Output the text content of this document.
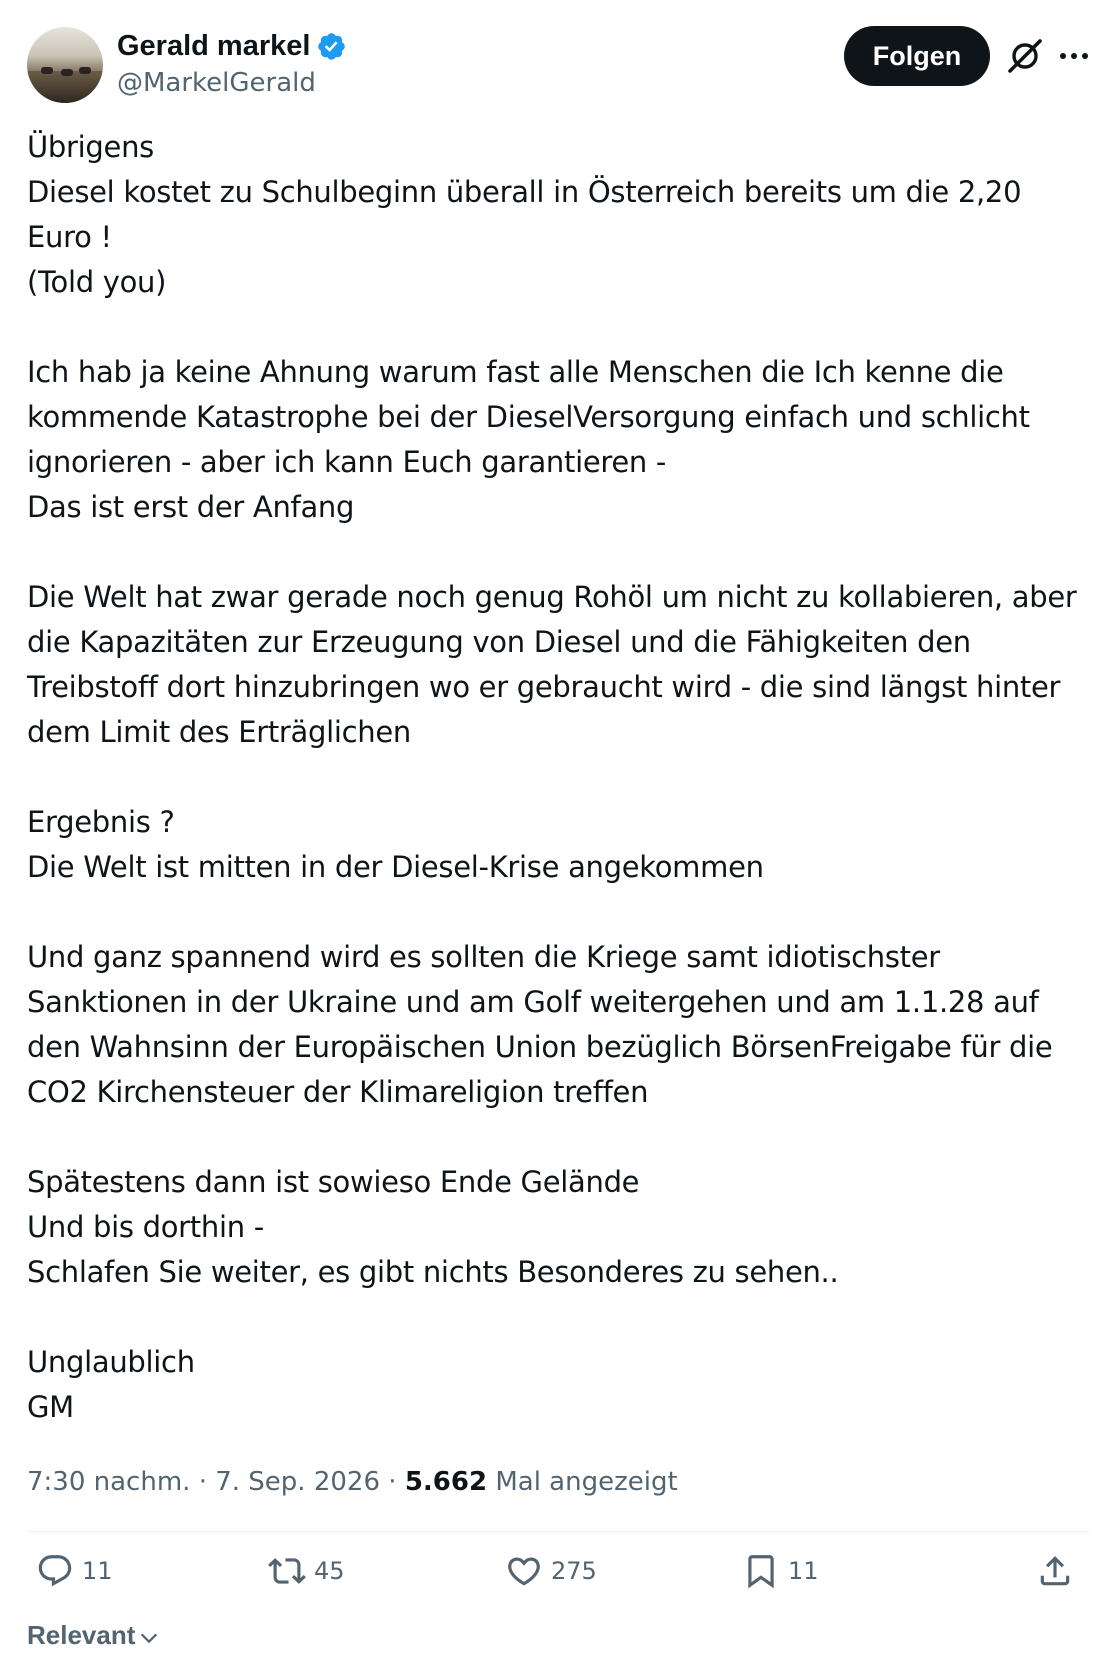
Gerald markel
@MarkelGerald
Folgen

Übrigens

Diesel kostet zu Schulbeginn überall in Österreich bereits um die 2,20

Euro !

(Told you)

Ich hab ja keine Ahnung warum fast alle Menschen die Ich kenne die

kommende Katastrophe bei der DieselVersorgung einfach und schlicht

ignorieren - aber ich kann Euch garantieren -

Das ist erst der Anfang

Die Welt hat zwar gerade noch genug Rohöl um nicht zu kollabieren, aber

die Kapazitäten zur Erzeugung von Diesel und die Fähigkeiten den

Treibstoff dort hinzubringen wo er gebraucht wird - die sind längst hinter

dem Limit des Erträglichen

Ergebnis ?

Die Welt ist mitten in der Diesel-Krise angekommen

Und ganz spannend wird es sollten die Kriege samt idiotischster

Sanktionen in der Ukraine und am Golf weitergehen und am 1.1.28 auf

den Wahnsinn der Europäischen Union bezüglich BörsenFreigabe für die

CO2 Kirchensteuer der Klimareligion treffen

Spätestens dann ist sowieso Ende Gelände

Und bis dorthin -

Schlafen Sie weiter, es gibt nichts Besonderes zu sehen..

Unglaublich

GM

7:30 nachm. · 7. Sep. 2026 · 5.662 Mal angezeigt
11	45	275	11
Relevant
